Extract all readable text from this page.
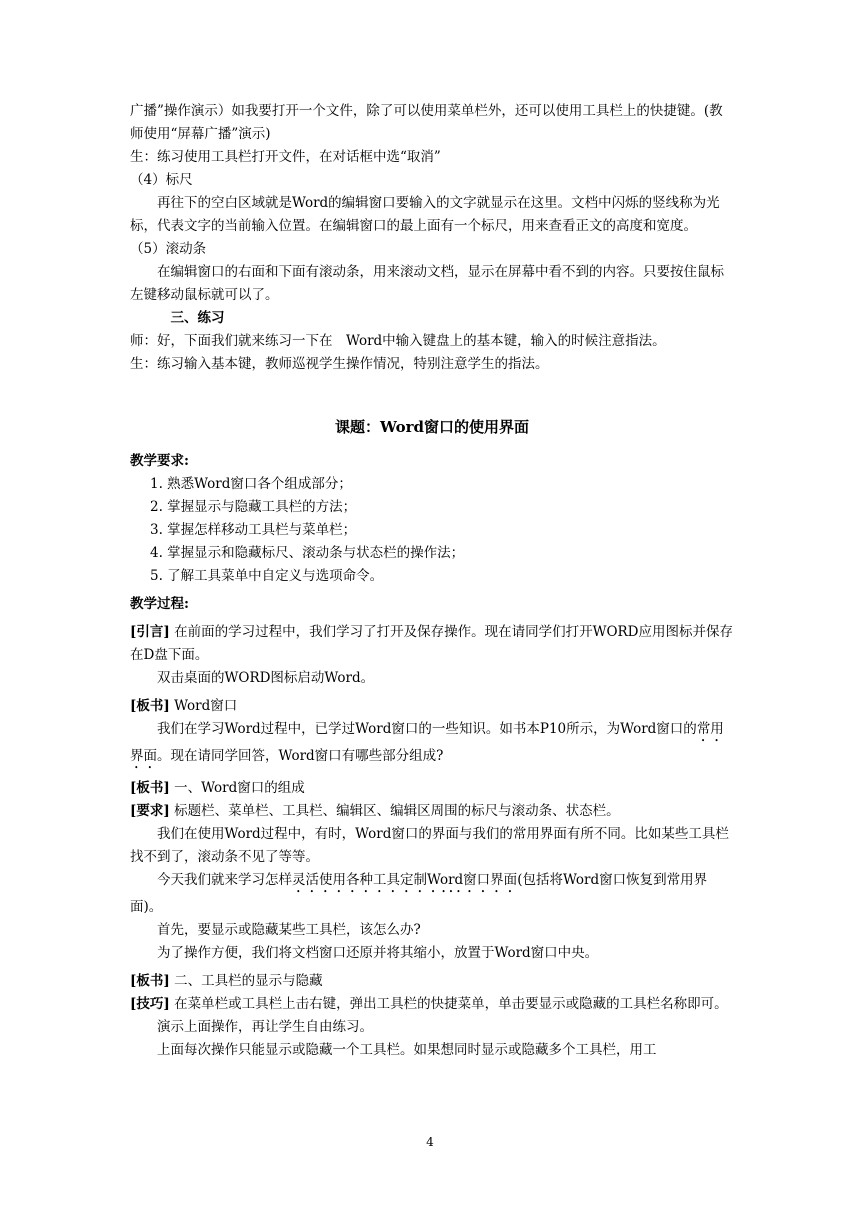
广播”操作演示）如我要打开一个文件，除了可以使用菜单栏外，还可以使用工具栏上的快捷键。(教师使用“屏幕广播”演示)

生：练习使用工具栏打开文件，在对话框中选“取消”

（4）标尺

再往下的空白区域就是Word的编辑窗口要输入的文字就显示在这里。文档中闪烁的竖线称为光标，代表文字的当前输入位置。在编辑窗口的最上面有一个标尺，用来查看正文的高度和宽度。

（5）滚动条

在编辑窗口的右面和下面有滚动条，用来滚动文档，显示在屏幕中看不到的内容。只要按住鼠标左键移动鼠标就可以了。

三、练习

师：好，下面我们就来练习一下在　Word中输入键盘上的基本键，输入的时候注意指法。

生：练习输入基本键，教师巡视学生操作情况，特别注意学生的指法。

课题：Word窗口的使用界面

教学要求:

1. 熟悉Word窗口各个组成部分；
2. 掌握显示与隐藏工具栏的方法；
3. 掌握怎样移动工具栏与菜单栏；
4. 掌握显示和隐藏标尺、滚动条与状态栏的操作法；
5. 了解工具菜单中自定义与选项命令。

教学过程:

[引言] 在前面的学习过程中，我们学习了打开及保存操作。现在请同学们打开WORD应用图标并保存在D盘下面。

双击桌面的WORD图标启动Word。

[板书] Word窗口

我们在学习Word过程中，已学过Word窗口的一些知识。如书本P10所示，为Word窗口的常用界面。现在请同学回答，Word窗口有哪些部分组成?

[板书] 一、Word窗口的组成

[要求] 标题栏、菜单栏、工具栏、编辑区、编辑区周围的标尺与滚动条、状态栏。

我们在使用Word过程中，有时，Word窗口的界面与我们的常用界面有所不同。比如某些工具栏找不到了，滚动条不见了等等。

今天我们就来学习怎样灵活使用各种工具定制Word窗口界面(包括将Word窗口恢复到常用界面)。

首先，要显示或隐藏某些工具栏，该怎么办?

为了操作方便，我们将文档窗口还原并将其缩小，放置于Word窗口中央。

[板书] 二、工具栏的显示与隐藏

[技巧] 在菜单栏或工具栏上击右键，弹出工具栏的快捷菜单，单击要显示或隐藏的工具栏名称即可。

演示上面操作，再让学生自由练习。

上面每次操作只能显示或隐藏一个工具栏。如果想同时显示或隐藏多个工具栏，用工

4
